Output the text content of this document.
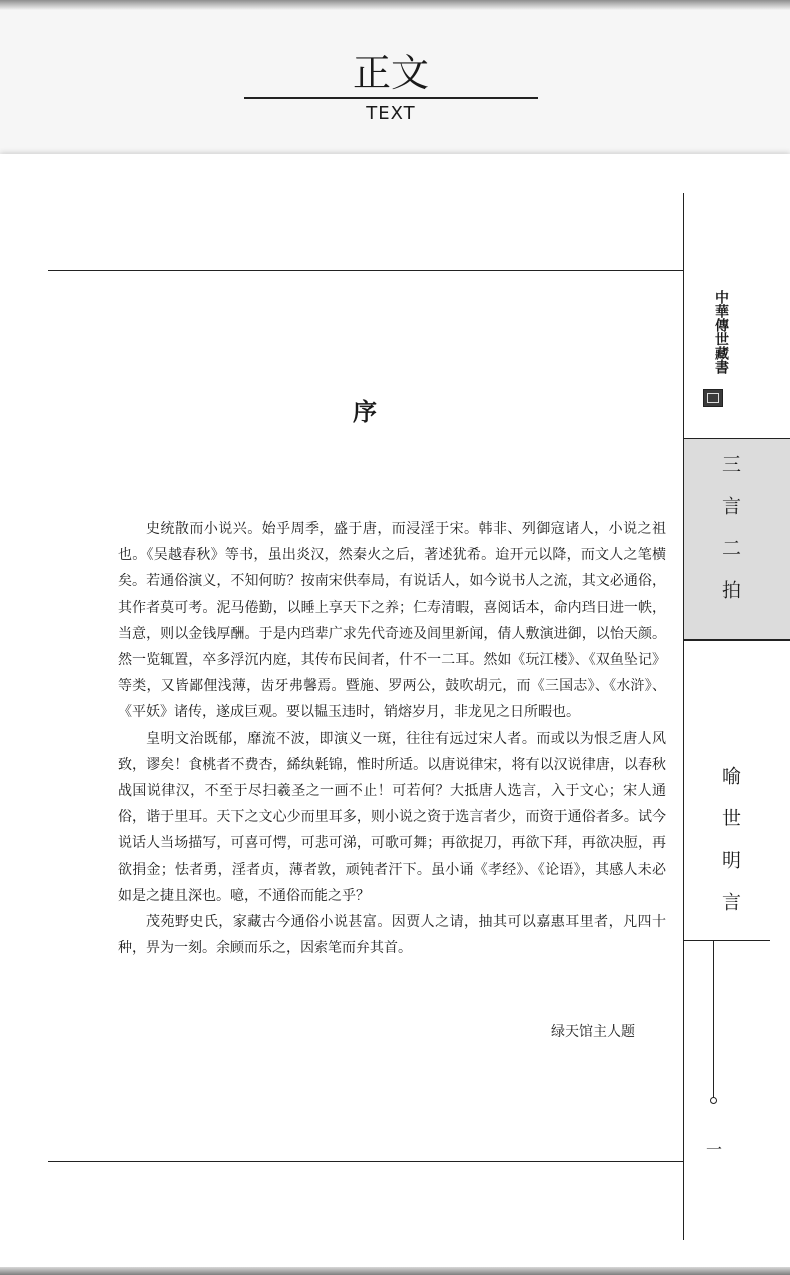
正文
TEXT
序

史统散而小说兴。始乎周季，盛于唐，而浸淫于宋。韩非、列御寇诸人，小说之祖也。《吴越春秋》等书，虽出炎汉，然秦火之后，著述犹希。迨开元以降，而文人之笔横矣。若通俗演义，不知何昉？按南宋供奉局，有说话人，如今说书人之流，其文必通俗，其作者莫可考。泥马倦勤，以睡上享天下之养；仁寿清暇，喜阅话本，命内珰日进一帙，当意，则以金钱厚酬。于是内珰辈广求先代奇迹及闾里新闻，倩人敷演进御，以怡天颜。然一览辄置，卒多浮沉内庭，其传布民间者，什不一二耳。然如《玩江楼》、《双鱼坠记》等类，又皆鄙俚浅薄，齿牙弗馨焉。暨施、罗两公，鼓吹胡元，而《三国志》、《水浒》、《平妖》诸传，遂成巨观。要以韫玉违时，销熔岁月，非龙见之日所暇也。

皇明文治既郁，靡流不波，即演义一斑，往往有远过宋人者。而或以为恨乏唐人风致，谬矣！食桃者不费杏，絺纨氉锦，惟时所适。以唐说律宋，将有以汉说律唐，以春秋战国说律汉，不至于尽扫羲圣之一画不止！可若何？大抵唐人选言，入于文心；宋人通俗，谐于里耳。天下之文心少而里耳多，则小说之资于选言者少，而资于通俗者多。试今说话人当场描写，可喜可愕，可悲可涕，可歌可舞；再欲捉刀，再欲下拜，再欲决脰，再欲捐金；怯者勇，淫者贞，薄者敦，顽钝者汗下。虽小诵《孝经》、《论语》，其感人未必如是之捷且深也。噫，不通俗而能之乎？

茂苑野史氏，家藏古今通俗小说甚富。因贾人之请，抽其可以嘉惠耳里者，凡四十种，畀为一刻。余顾而乐之，因索笔而弁其首。

绿天馆主人题
中華傳世藏書
三言二拍
喻世明言
一
